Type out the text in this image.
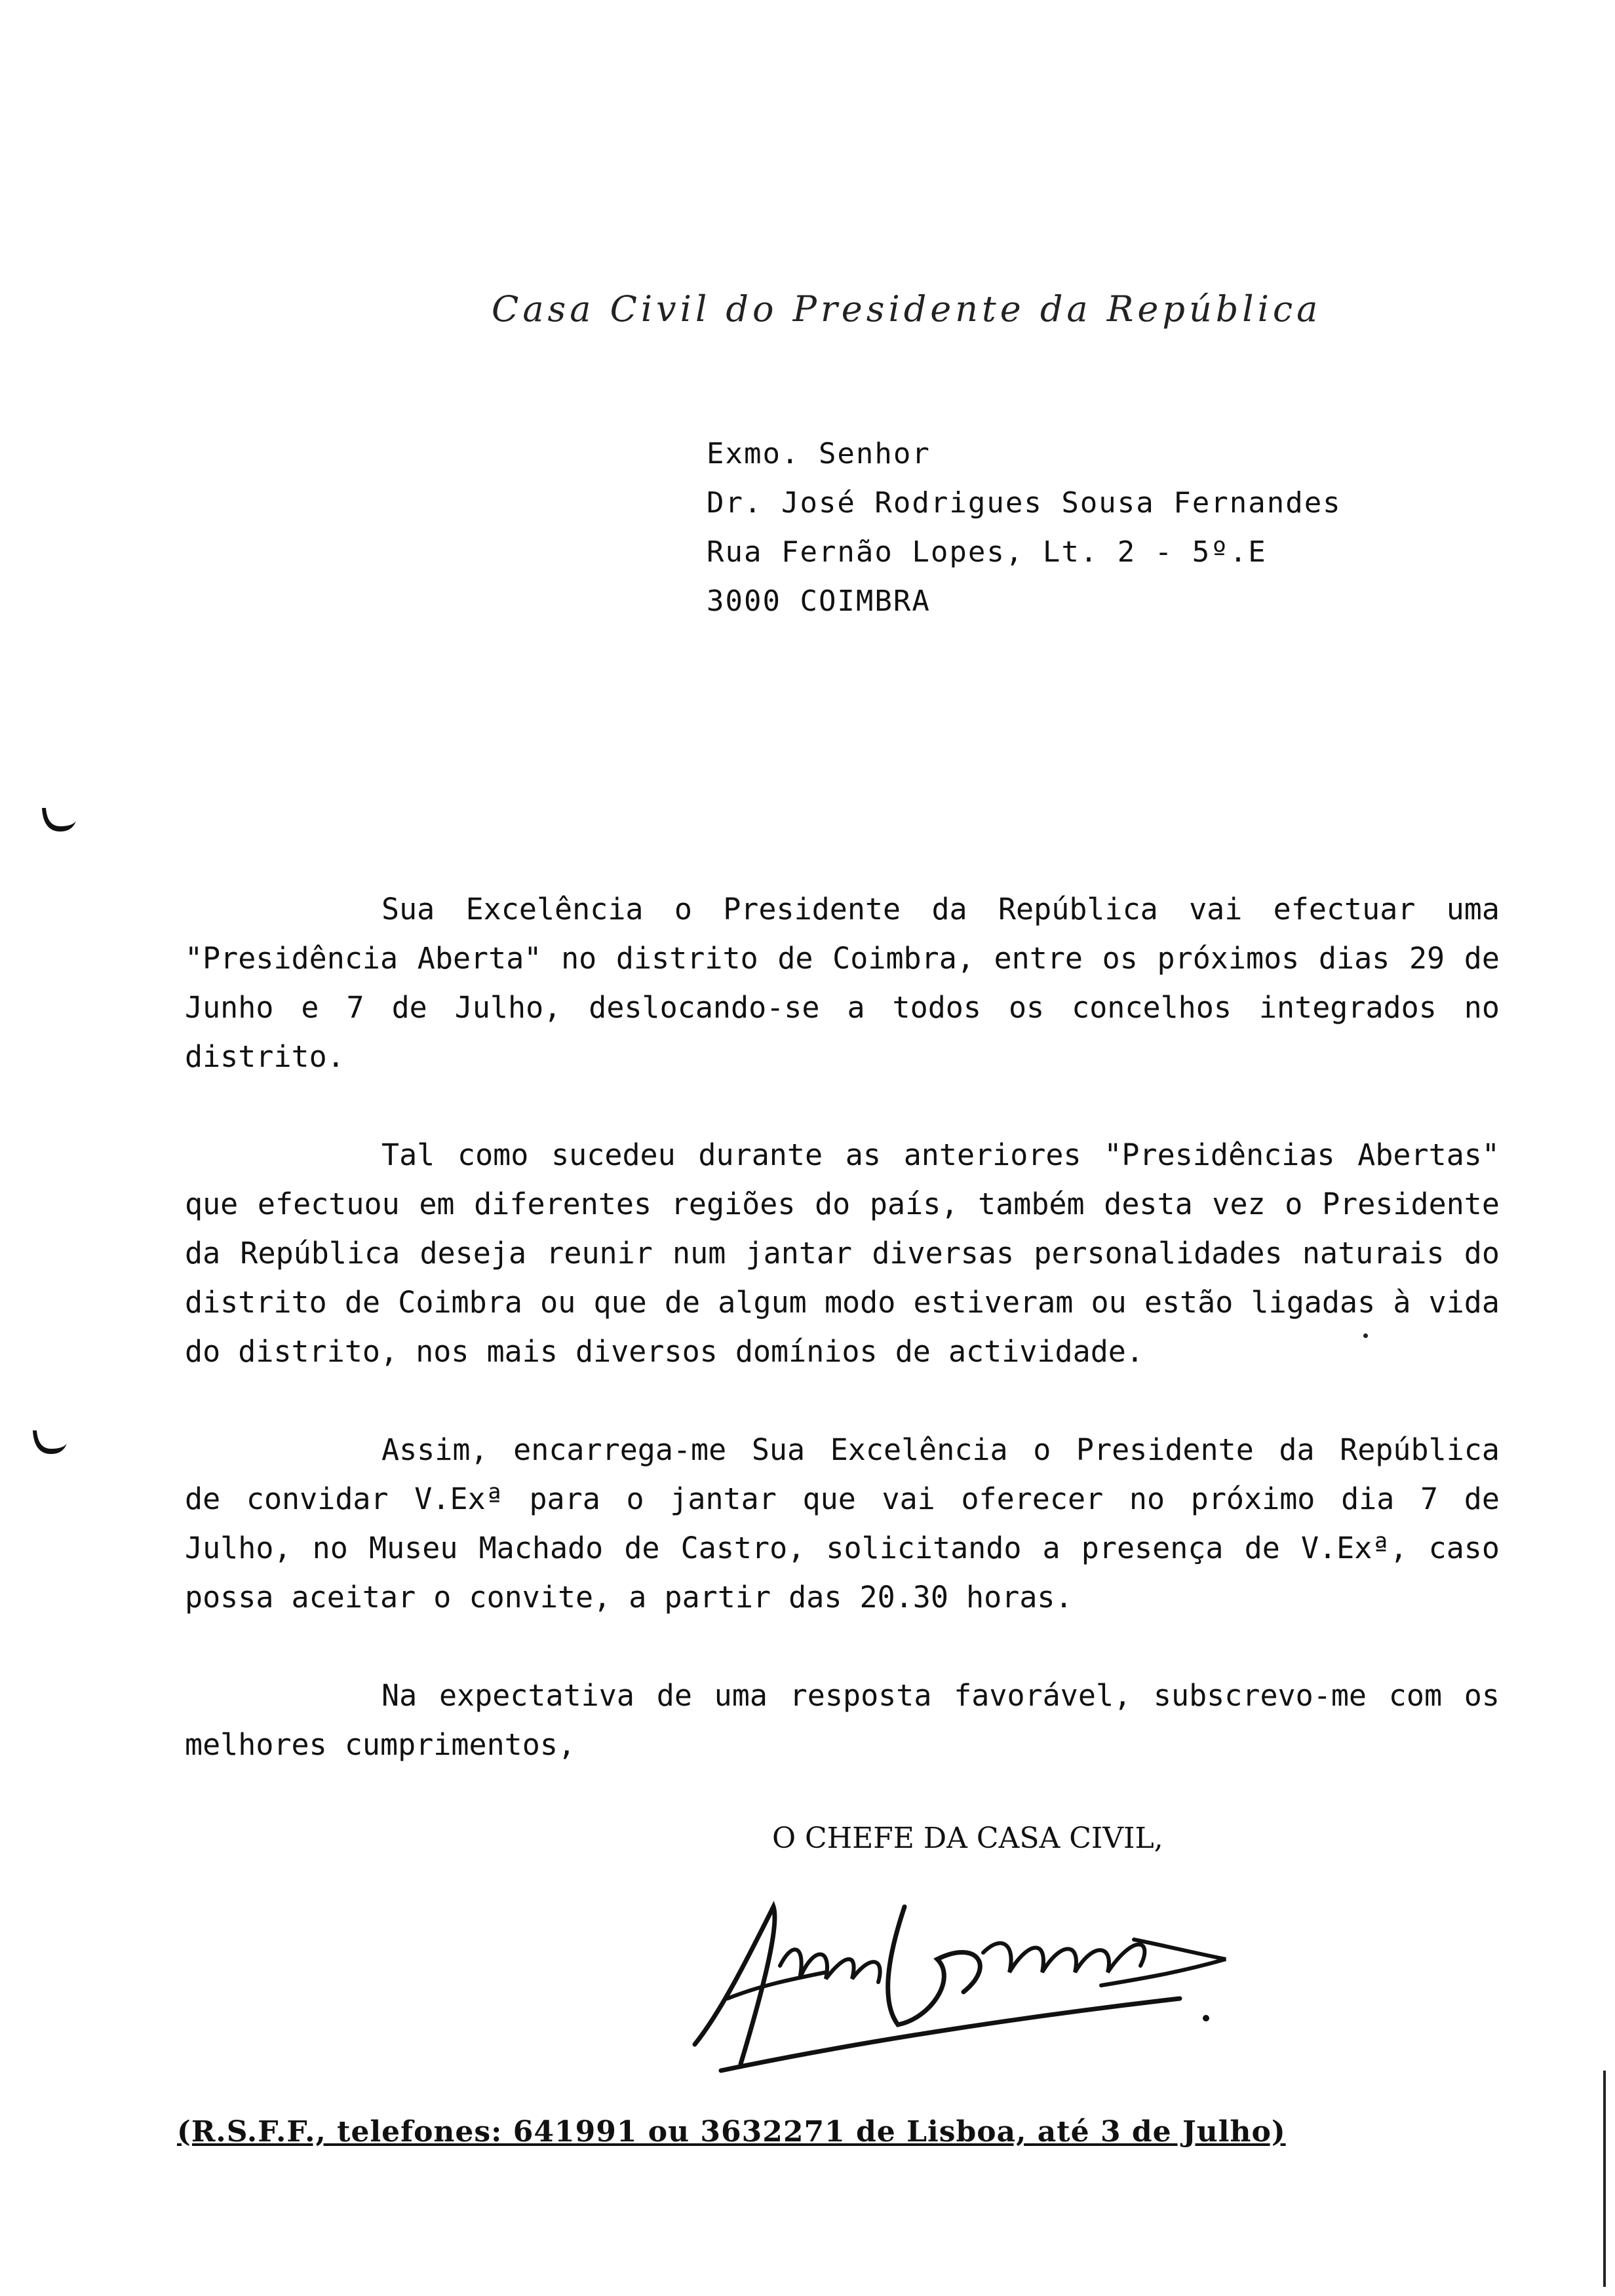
Casa Civil do Presidente da República
Exmo. Senhor
Dr. José Rodrigues Sousa Fernandes
Rua Fernão Lopes, Lt. 2 - 5º.E
3000 COIMBRA

Sua Excelência o Presidente da República vai efectuar uma "Presidência Aberta" no distrito de Coimbra, entre os próximos dias 29 de Junho e 7 de Julho, deslocando-se a todos os concelhos integrados no distrito.

Tal como sucedeu durante as anteriores "Presidências Abertas" que efectuou em diferentes regiões do país, também desta vez o Presidente da República deseja reunir num jantar diversas personalidades naturais do distrito de Coimbra ou que de algum modo estiveram ou estão ligadas à vida do distrito, nos mais diversos domínios de actividade.

Assim, encarrega-me Sua Excelência o Presidente da República de convidar V.Exª para o jantar que vai oferecer no próximo dia 7 de Julho, no Museu Machado de Castro, solicitando a presença de V.Exª, caso possa aceitar o convite, a partir das 20.30 horas.

Na expectativa de uma resposta favorável, subscrevo-me com os melhores cumprimentos,

O CHEFE DA CASA CIVIL,
(R.S.F.F., telefones: 641991 ou 3632271 de Lisboa, até 3 de Julho)
